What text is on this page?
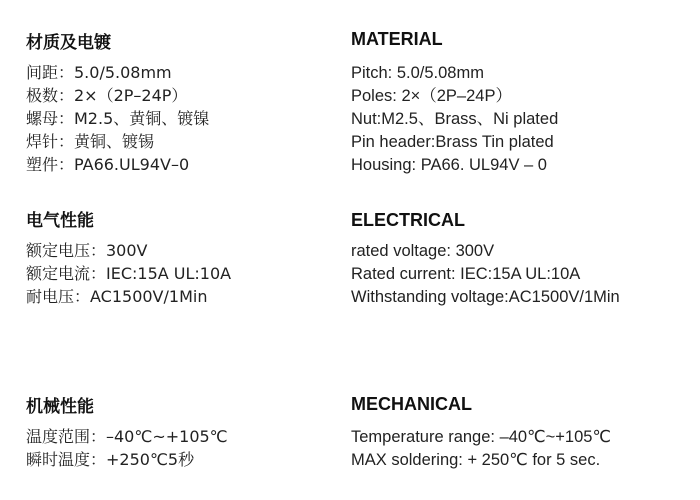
材质及电镀
间距：5.0/5.08mm
极数：2×（2P–24P）
螺母：M2.5、黄铜、镀镍
焊针：黄铜、镀锡
塑件：PA66.UL94V–0
电气性能
额定电压：300V
额定电流：IEC:15A UL:10A
耐电压：AC1500V/1Min
机械性能
温度范围：–40℃~+105℃
瞬时温度：+250℃5秒
MATERIAL
Pitch: 5.0/5.08mm
Poles: 2×（2P–24P）
Nut:M2.5、Brass、Ni plated
Pin header:Brass Tin plated
Housing: PA66. UL94V – 0
ELECTRICAL
rated voltage: 300V
Rated current: IEC:15A UL:10A
Withstanding voltage:AC1500V/1Min
MECHANICAL
Temperature range: –40℃~+105℃
MAX soldering: + 250℃ for 5 sec.
